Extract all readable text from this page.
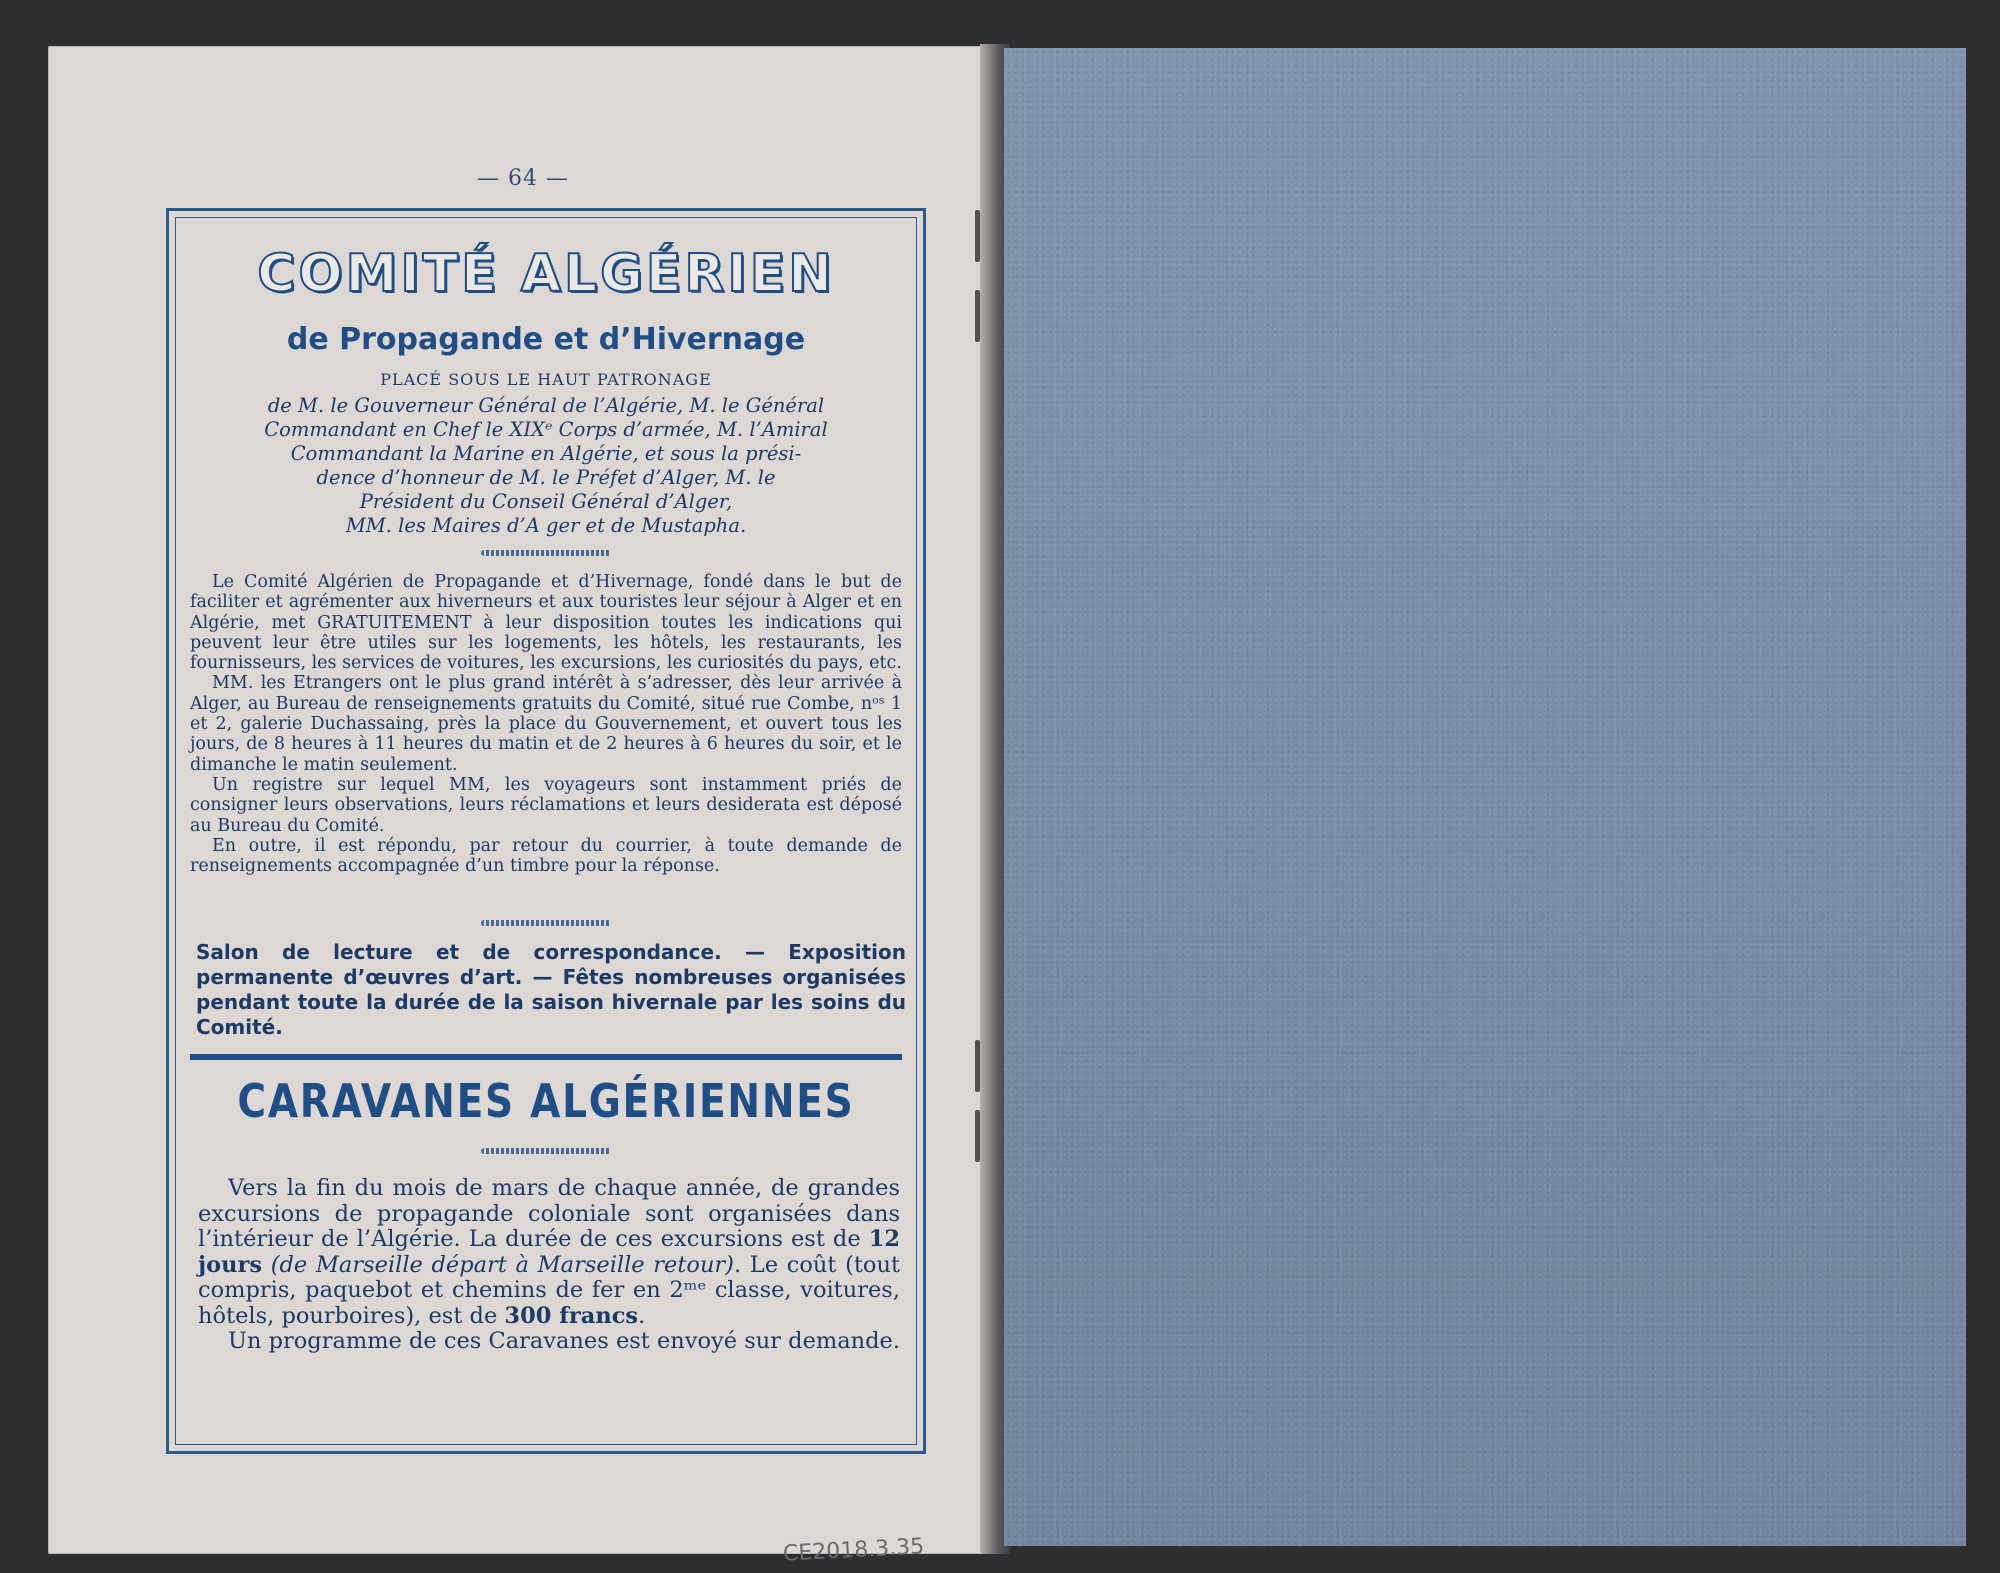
— 64 —
COMITÉ ALGÉRIEN
de Propagande et d’Hivernage
PLACÉ SOUS LE HAUT PATRONAGE
de M. le Gouverneur Général de l’Algérie, M. le Général
Commandant en Chef le XIXᵉ Corps d’armée, M. l’Amiral
Commandant la Marine en Algérie, et sous la prési-
dence d’honneur de M. le Préfet d’Alger, M. le
Président du Conseil Général d’Alger,
MM. les Maires d’A ger et de Mustapha.

Le Comité Algérien de Propagande et d’Hivernage, fondé dans le but de faciliter et agrémenter aux hiverneurs et aux touristes leur séjour à Alger et en Algérie, met GRATUITEMENT à leur disposition toutes les indications qui peuvent leur être utiles sur les logements, les hôtels, les restaurants, les fournisseurs, les services de voitures, les excursions, les curiosités du pays, etc.

MM. les Etrangers ont le plus grand intérêt à s’adresser, dès leur arrivée à Alger, au Bureau de renseignements gratuits du Comité, situé rue Combe, nᵒˢ 1 et 2, galerie Duchassaing, près la place du Gouvernement, et ouvert tous les jours, de 8 heures à 11 heures du matin et de 2 heures à 6 heures du soir, et le dimanche le matin seulement.

Un registre sur lequel MM, les voyageurs sont instamment priés de consigner leurs observations, leurs réclamations et leurs desiderata est déposé au Bureau du Comité.

En outre, il est répondu, par retour du courrier, à toute demande de renseignements accompagnée d’un timbre pour la réponse.

Salon de lecture et de correspondance. — Exposition permanente d’œuvres d’art. — Fêtes nombreuses organisées pendant toute la durée de la saison hivernale par les soins du Comité.
CARAVANES ALGÉRIENNES

Vers la fin du mois de mars de chaque année, de grandes excursions de propagande coloniale sont organisées dans l’intérieur de l’Algérie. La durée de ces excursions est de 12 jours (de Marseille départ à Marseille retour). Le coût (tout compris, paquebot et chemins de fer en 2ᵐᵉ classe, voitures, hôtels, pourboires), est de 300 francs.

Un programme de ces Caravanes est envoyé sur demande.

CE2018.3.35
